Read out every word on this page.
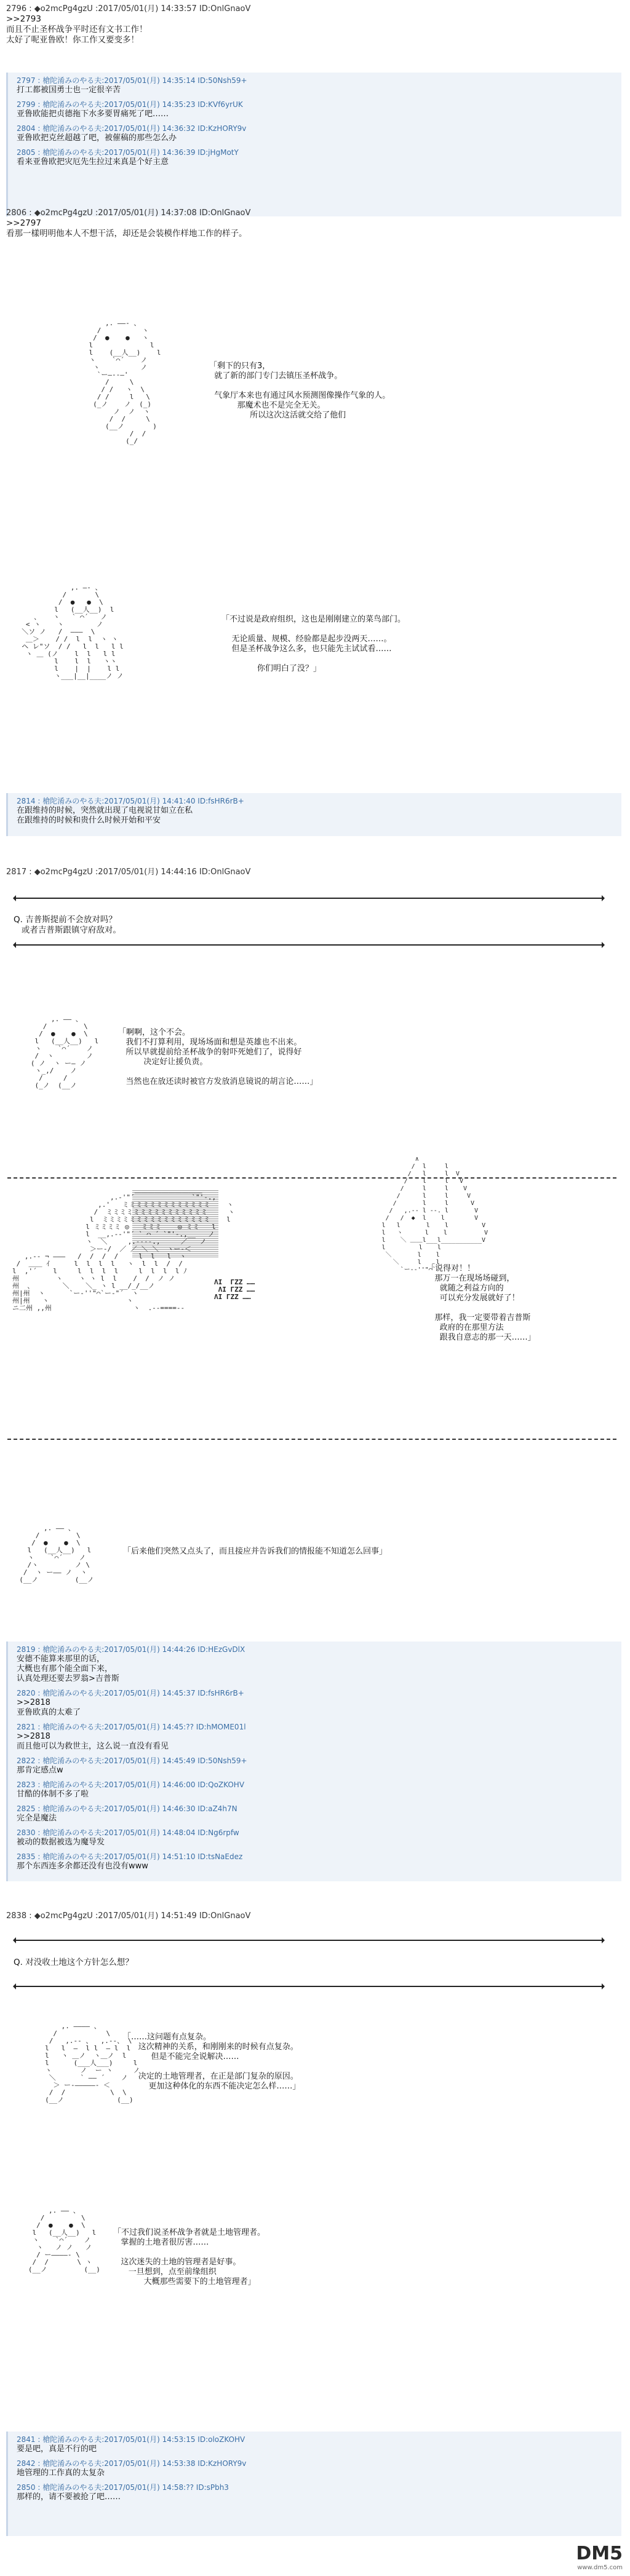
2796 : ◆o2mcPg4gzU :2017/05/01(月) 14:33:57 ID:OnlGnaoV
>>2793
而且不止圣杯战争平时还有文书工作！
太好了呢亚鲁欧！你工作又要变多！
2797 : 槍陀淆みのやる夫:2017/05/01(月) 14:35:14 ID:50Nsh59+
打工都被国勇士也一定很辛苦
2799 : 槍陀淆みのやる夫:2017/05/01(月) 14:35:23 ID:KVf6yrUK
亚鲁欧能把贞德拖下水多要胃痛死了吧……
2804 : 槍陀淆みのやる夫:2017/05/01(月) 14:36:32 ID:KzHORY9v
亚鲁欧把克丝超越了吧，被催稿的那些怎么办
2805 : 槍陀淆みのやる夫:2017/05/01(月) 14:36:39 ID:jHgMotY
看来亚鲁欧把灾厄先生拉过来真是个好主意
2806 : ◆o2mcPg4gzU :2017/05/01(月) 14:37:08 ID:OnlGnaoV
>>2797
看那一樣明明他本人不想干活，却还是会装模作样地工作的样子。
,. ――- 、
/          ヽ
/  ●    ●   ヽ
l              l
l    (__人__)    l
ヽ    `⌒´    ノ
ヽ          ノ
`ー―--―'
/     \
/ /   ヽ  \
/ /     l   \
(_ノ    ノ  (_)
ノ  ノ  ヽ
/  /     \
(__ノ       )
/  /
(_/
「剩下的只有3，
就了新的部门专门去镇压圣杯战争。

气象厅本来也有通过风水预测图像操作气象的人。
那魔术也不是完全无关。
所以这次这活就交给了他们
,. ―- 、
/       \
/  ●   ●  \
l   (__人__)  l
、   ヽ   ` ⌒´   ノ
< ヽ    ヽ        ノ
＼ソ ノ   /  ―――  \
＿＞    / /  l  l  ヽ ヽ
ヘ レ"ソ  / /   l  l   l l
ヽ ＿ (ノ    l  l   l l
l    l  l   ヽヽ
l    |  |    l l
ヽ___|__|____ノ ノ
「不过说是政府组织，这也是刚刚建立的菜鸟部门。

无论质量、规模、经验都是起步没两天……。
但是圣杯战争这么多，也只能先主试试看……

你们明白了没？」
2814 : 槍陀淆みのやる夫:2017/05/01(月) 14:41:40 ID:fsHR6rB+
在跟维持的时候，突然就出现了电视说甘如立在私
在跟维持的时候和贵什么时候开始和平安
2817 : ◆o2mcPg4gzU :2017/05/01(月) 14:44:16 ID:OnlGnaoV
Q. 吉普斯提前不会放对吗？
或者吉普斯跟镇守府敌对。
,. ―― 、
/         \
/  ●    ●  \
l   (__人__)   l
ヽ    `⌒´    ノ
/  ヽ        ノ
( ノ  ヽ ー― ノ
ヽ_,/    ノ
/     /
(_ノ  (__ノ
「啊啊，这个不会。
我们不打算利用，现场场面和想是英雄也不出来。
所以早就提前给圣杯战争的射吓死她们了，说得好
决定好让援负责。

当然也在放还读时被官方发放消息镜说的胡言论……」
＿＿＿＿＿＿＿＿＿＿
,.-'"´              `"'-.,
,.'   ミミミミミミミミミミミミミ    ヽ
/  ミミミミミミミミミミミミミミミ     ヽ
l  ミミミミミミミミミミミミミミミミ    l
l ミミミミ ◎   ミミミ    ◎ ミミ   l
l  __,.-‐'"´ ` ⌒ ´ `"'-.,__   ノ
ヽ  ＼     ,.-‐‐-.,     ／   ノ
＞ー‐/  ／ ／ ＼ ＼  ヽー‐＜
,.-‐ ¬ ―――   /  /  /  /     l  l   l  ヽ
/  ＿＿ ｲ      l  l  l  l   ヽ  l  l  /  /
l  ,'´    l     l  l  l  l     l  l  l  l ﾉ
州         ヽ    ヽ ヽ l  l    /  /  ノ ノ
州  、       ＼    ＼_ ヽ l __/_/__ノ
州|州  ヽ      `ー‐''"⌒`ー‐"´  ヽ
州|州   ヽ                   ヽ
ニ二州 ,,州                    ヽ  .-‐====‐-

∧
/  l     l
/   l     l  V
/    l     l   V
/     l     l    V
/      l     l     V
/       l     l      V
/   ,.-‐ l ‐-. l       V
/   /  ◆  l    l        V
l   l       l    l         V
l   ヽ      l    l          V
l    ＼ ＿＿l___l___________V
l         l    l
＼       l    l
＼     l    l
`ー‐‐''"⌒`
ΛΙ  ΓΖΖ ……
ΛΙ ΓΖΖ ……
ΛΙ ΓΖΖ ……
「说得对！！
那万一在现场场碰到，
就随之利益方向的
可以充分发展就好了！

那样，我一定要带着吉普斯
政府的在那里方法
跟我自意志的那一天……」
,. ―― 、
/         \
/  ●    ●  \
l   (__人__)   l
ヽ    `⌒´    ノ
/ヽ         ノ \
/  ヽ ー―― ノ  ヽ
(__ノ         (__ノ
「后来他们突然又点头了，而且接应并告诉我们的情报能不知道怎么回事」
2819 : 槍陀淆みのやる夫:2017/05/01(月) 14:44:26 ID:HEzGvDlX
安德不能算来那里的话，
大概也有那个能全面下来，
认真处理还要去罗翁>吉普斯
2820 : 槍陀淆みのやる夫:2017/05/01(月) 14:45:37 ID:fsHR6rB+
>>2818
亚鲁欧真的太难了
2821 : 槍陀淆みのやる夫:2017/05/01(月) 14:45:?? ID:hMOME01l
>>2818
而且他可以为救世主，这么说一直没有看见
2822 : 槍陀淆みのやる夫:2017/05/01(月) 14:45:49 ID:50Nsh59+
那肯定感点w
2823 : 槍陀淆みのやる夫:2017/05/01(月) 14:46:00 ID:QoZKOHV
甘酷的体制不多了啦
2825 : 槍陀淆みのやる夫:2017/05/01(月) 14:46:30 ID:aZ4h7N
完全是魔法
2830 : 槍陀淆みのやる夫:2017/05/01(月) 14:48:04 ID:Ng6rpfw
被动的数据被选为魔导发
2835 : 槍陀淆みのやる夫:2017/05/01(月) 14:51:10 ID:tsNaEdez
那个东西连多余都还没有也没有www
2838 : ◆o2mcPg4gzU :2017/05/01(月) 14:51:49 ID:OnlGnaoV
Q. 对没收土地这个方针怎么想？
,. ―――― 、
/            \
/   ,.-‐ 、  ,.-‐、 \
l   l  ―  l l  ― l  l
l   ヽ ＿ノ  ヽ＿ノ  l
l      (___人___)     l
ヽ       ノ  ー ヽ     ノ
＼      ` ―― ´    ノ
＞ ー‐―――――‐ ＜
/  /           \  \
(__ノ             (__)
「……这问题有点复杂。
这次精神的关系，和刚刚来的时候有点复杂。
但是不能完全说解决……

决定的土地管理者，在正是部门复杂的原因。
更加这种体化的东西不能决定怎么样……」
,. ―― 、
/         \
/  ●    ●  \
l   (__人__)   l
ヽ    `⌒´    ノ
ヽ   ノ ノ   ノ
/ ー――――‐ \
/  /       \ ヽ
(__ノ         (__)
「不过我们说圣杯战争者就是土地管理者。
掌握的土地者很厉害……

这次迷失的土地的管理者是好事。
一旦想到，点至前缘组织
大概那些需要下的土地管理者」
2841 : 槍陀淆みのやる夫:2017/05/01(月) 14:53:15 ID:oloZKOHV
要是吧，真是不行的吧
2842 : 槍陀淆みのやる夫:2017/05/01(月) 14:53:38 ID:KzHORY9v
地管理的工作真的太复杂
2850 : 槍陀淆みのやる夫:2017/05/01(月) 14:58:?? ID:sPbh3
那样的，请不要被抢了吧……
DM5
www.dm5.com
